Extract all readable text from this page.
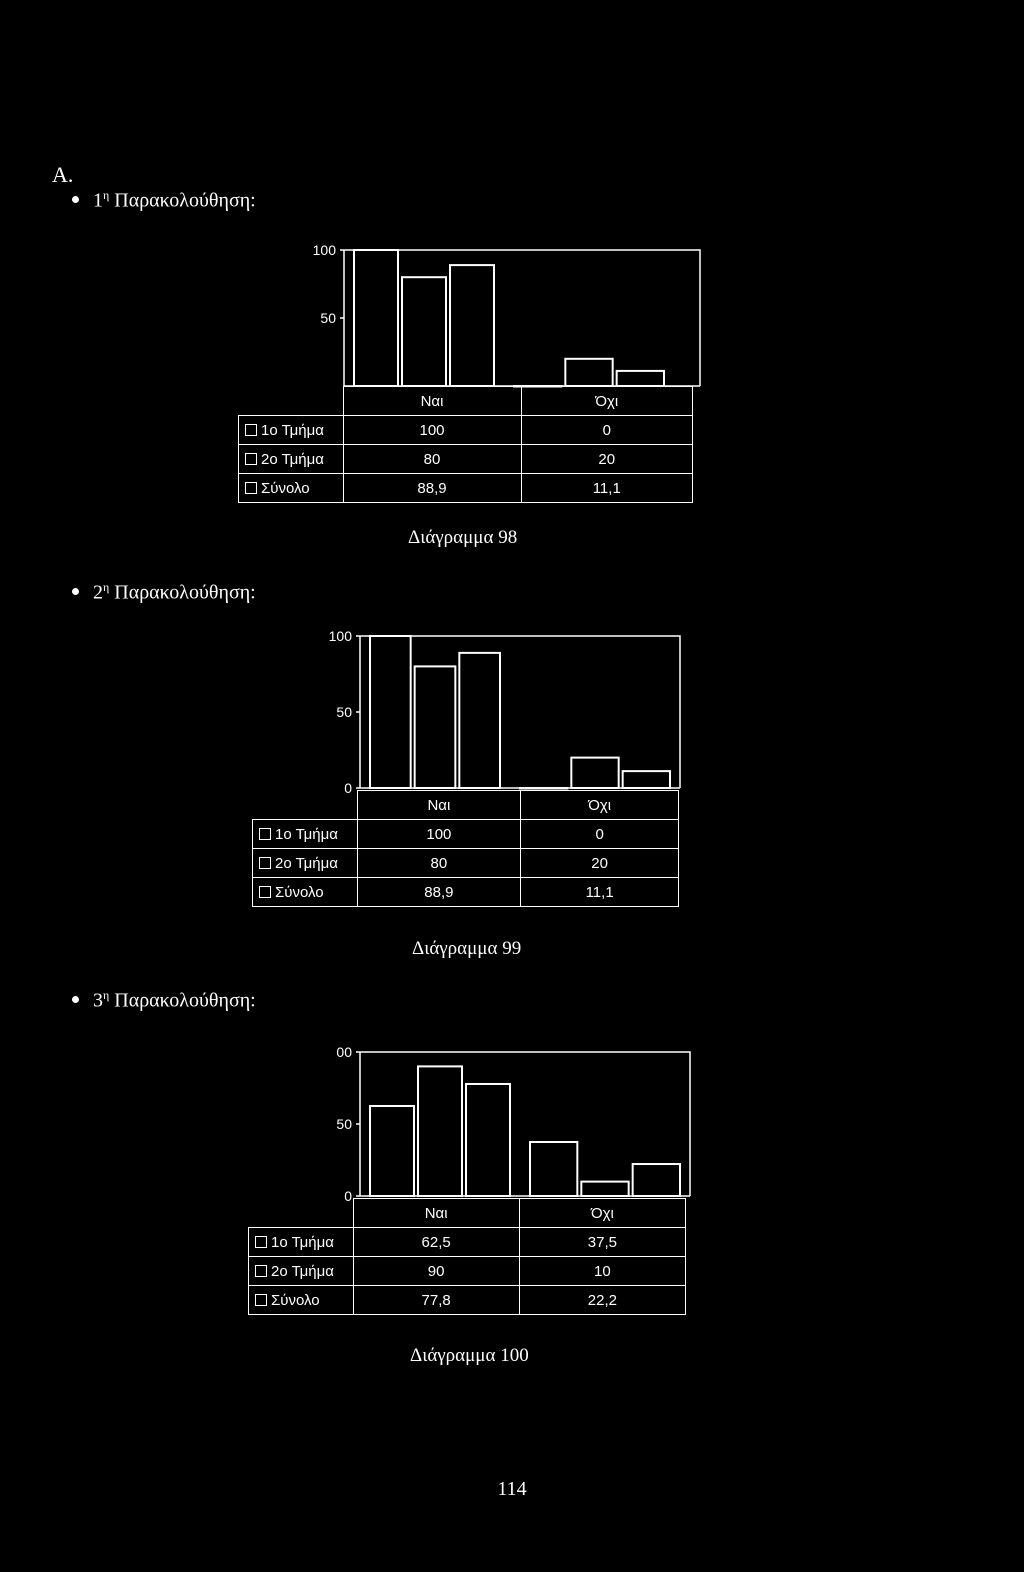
A.
$1^\eta$ Παρακολούθηση:
100
50
	Ναι	Όχι
1ο Τμήμα	100	0
2ο Τμήμα	80	20
Σύνολο	88,9	11,1
Διάγραμμα 98
$2^\eta$ Παρακολούθηση:
100
50
0
	Ναι	Όχι
1ο Τμήμα	100	0
2ο Τμήμα	80	20
Σύνολο	88,9	11,1
Διάγραμμα 99
$3^\eta$ Παρακολούθηση:
00
50
0
	Ναι	Όχι
1ο Τμήμα	62,5	37,5
2ο Τμήμα	90	10
Σύνολο	77,8	22,2
Διάγραμμα 100
114
